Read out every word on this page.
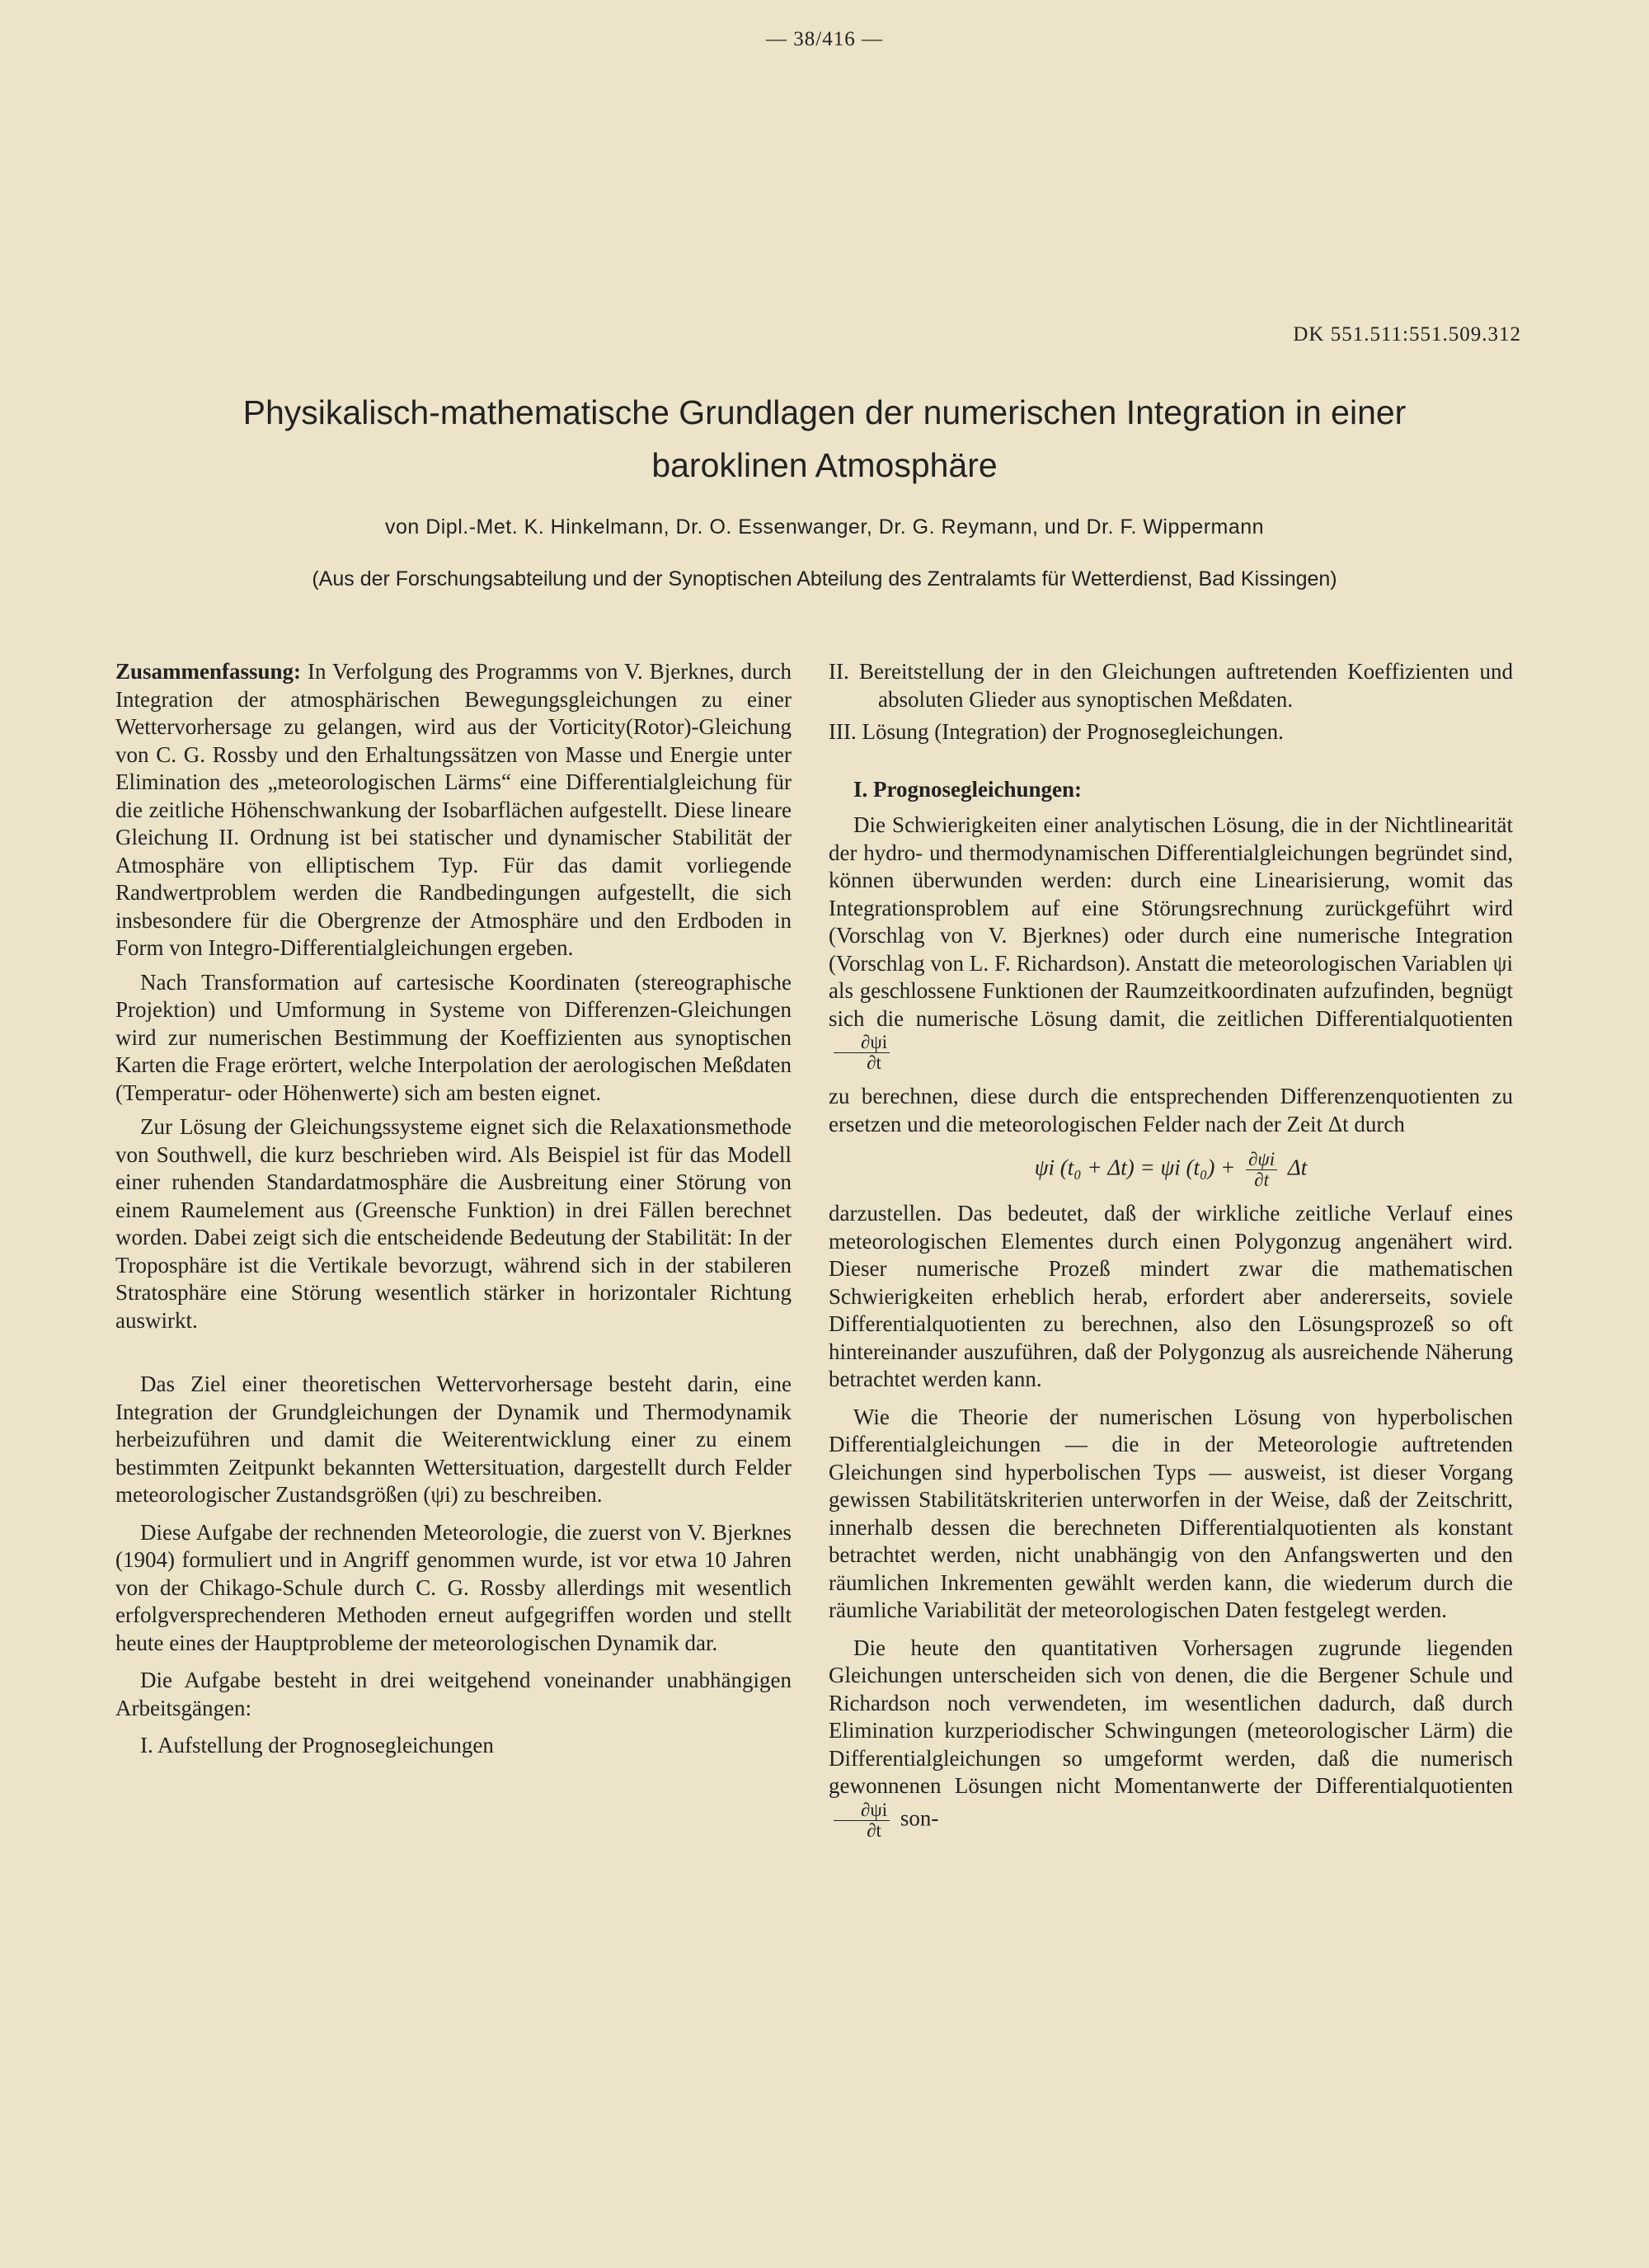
— 38/416 —
DK 551.511:551.509.312
Physikalisch-mathematische Grundlagen der numerischen Integration in einer
baroklinen Atmosphäre
von Dipl.-Met. K. Hinkelmann, Dr. O. Essenwanger, Dr. G. Reymann, und Dr. F. Wippermann
(Aus der Forschungsabteilung und der Synoptischen Abteilung des Zentralamts für Wetterdienst, Bad Kissingen)

Zusammenfassung: In Verfolgung des Programms von V. Bjerknes, durch Integration der atmosphärischen Bewegungsgleichungen zu einer Wettervorhersage zu gelangen, wird aus der Vorticity(Rotor)-Gleichung von C. G. Rossby und den Erhaltungssätzen von Masse und Energie unter Elimination des „meteorologischen Lärms“ eine Differentialgleichung für die zeitliche Höhenschwankung der Isobarflächen aufgestellt. Diese lineare Gleichung II. Ordnung ist bei statischer und dynamischer Stabilität der Atmosphäre von elliptischem Typ. Für das damit vorliegende Randwertproblem werden die Randbedingungen aufgestellt, die sich insbesondere für die Obergrenze der Atmosphäre und den Erdboden in Form von Integro-Differentialgleichungen ergeben.

Nach Transformation auf cartesische Koordinaten (stereographische Projektion) und Umformung in Systeme von Differenzen-Gleichungen wird zur numerischen Bestimmung der Koeffizienten aus synoptischen Karten die Frage erörtert, welche Interpolation der aerologischen Meßdaten (Temperatur- oder Höhenwerte) sich am besten eignet.

Zur Lösung der Gleichungssysteme eignet sich die Relaxationsmethode von Southwell, die kurz beschrieben wird. Als Beispiel ist für das Modell einer ruhenden Standardatmosphäre die Ausbreitung einer Störung von einem Raumelement aus (Greensche Funktion) in drei Fällen berechnet worden. Dabei zeigt sich die entscheidende Bedeutung der Stabilität: In der Troposphäre ist die Vertikale bevorzugt, während sich in der stabileren Stratosphäre eine Störung wesentlich stärker in horizontaler Richtung auswirkt.

Das Ziel einer theoretischen Wettervorhersage besteht darin, eine Integration der Grundgleichungen der Dynamik und Thermodynamik herbeizuführen und damit die Weiterentwicklung einer zu einem bestimmten Zeitpunkt bekannten Wettersituation, dargestellt durch Felder meteorologischer Zustandsgrößen (ψi) zu beschreiben.

Diese Aufgabe der rechnenden Meteorologie, die zuerst von V. Bjerknes (1904) formuliert und in Angriff genommen wurde, ist vor etwa 10 Jahren von der Chikago-Schule durch C. G. Rossby allerdings mit wesentlich erfolgversprechenderen Methoden erneut aufgegriffen worden und stellt heute eines der Hauptprobleme der meteorologischen Dynamik dar.

Die Aufgabe besteht in drei weitgehend voneinander unabhängigen Arbeitsgängen:

I. Aufstellung der Prognosegleichungen

II. Bereitstellung der in den Gleichungen auftretenden Koeffizienten und absoluten Glieder aus synoptischen Meßdaten.
III. Lösung (Integration) der Prognosegleichungen.
I. Prognosegleichungen:

Die Schwierigkeiten einer analytischen Lösung, die in der Nichtlinearität der hydro- und thermodynamischen Differentialgleichungen begründet sind, können überwunden werden: durch eine Linearisierung, womit das Integrationsproblem auf eine Störungsrechnung zurückgeführt wird (Vorschlag von V. Bjerknes) oder durch eine numerische Integration (Vorschlag von L. F. Richardson). Anstatt die meteorologischen Variablen ψi als geschlossene Funktionen der Raumzeitkoordinaten aufzufinden, begnügt sich die numerische Lösung damit, die zeitlichen Differentialquotienten
$\frac{\partial\psi i}{\partial t}$

zu berechnen, diese durch die entsprechenden Differenzenquotienten zu ersetzen und die meteorologischen Felder nach der Zeit Δt durch

ψi (t₀ + Δt) = ψi $(t_0) + \frac{\partial\psi i}{\partial t}$ Δt

darzustellen. Das bedeutet, daß der wirkliche zeitliche Verlauf eines meteorologischen Elementes durch einen Polygonzug angenähert wird. Dieser numerische Prozeß mindert zwar die mathematischen Schwierigkeiten erheblich herab, erfordert aber andererseits, soviele Differentialquotienten zu berechnen, also den Lösungsprozeß so oft hintereinander auszuführen, daß der Polygonzug als ausreichende Näherung betrachtet werden kann.

Wie die Theorie der numerischen Lösung von hyperbolischen Differentialgleichungen — die in der Meteorologie auftretenden Gleichungen sind hyperbolischen Typs — ausweist, ist dieser Vorgang gewissen Stabilitätskriterien unterworfen in der Weise, daß der Zeitschritt, innerhalb dessen die berechneten Differentialquotienten als konstant betrachtet werden, nicht unabhängig von den Anfangswerten und den räumlichen Inkrementen gewählt werden kann, die wiederum durch die räumliche Variabilität der meteorologischen Daten festgelegt werden.

Die heute den quantitativen Vorhersagen zugrunde liegenden Gleichungen unterscheiden sich von denen, die die Bergener Schule und Richardson noch verwendeten, im wesentlichen dadurch, daß durch Elimination kurzperiodischer Schwingungen (meteorologischer Lärm) die Differentialgleichungen so umgeformt werden, daß die numerisch gewonnenen Lösungen nicht Momentanwerte der Differentialquotienten
$\frac{\partial\psi i}{\partial t} son-$
